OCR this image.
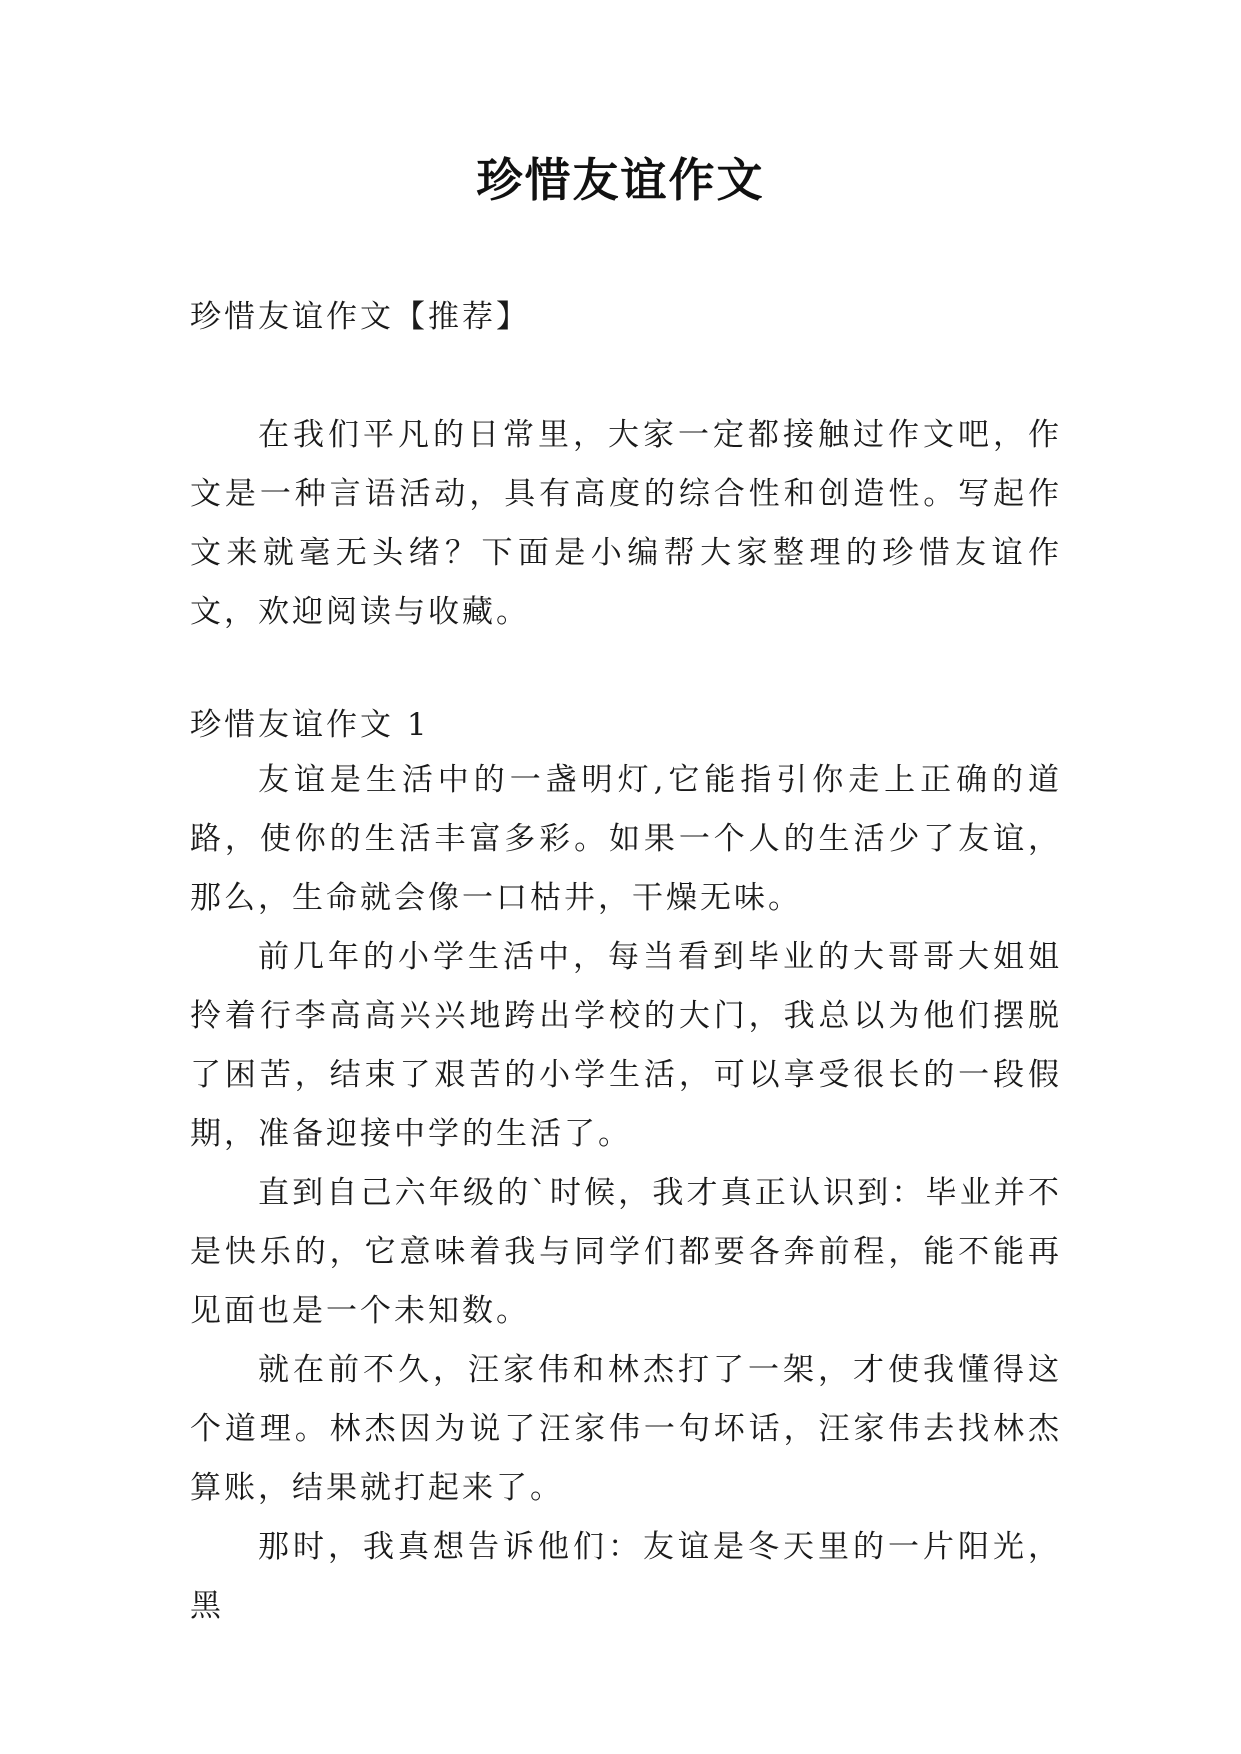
珍惜友谊作文
珍惜友谊作文【推荐】

在我们平凡的日常里，大家一定都接触过作文吧，作文是一种言语活动，具有高度的综合性和创造性。写起作文来就毫无头绪？下面是小编帮大家整理的珍惜友谊作文，欢迎阅读与收藏。

珍惜友谊作文 1

友谊是生活中的一盏明灯,它能指引你走上正确的道路，使你的生活丰富多彩。如果一个人的生活少了友谊，那么，生命就会像一口枯井，干燥无味。

前几年的小学生活中，每当看到毕业的大哥哥大姐姐拎着行李高高兴兴地跨出学校的大门，我总以为他们摆脱了困苦，结束了艰苦的小学生活，可以享受很长的一段假期，准备迎接中学的生活了。

直到自己六年级的`时候，我才真正认识到：毕业并不是快乐的，它意味着我与同学们都要各奔前程，能不能再见面也是一个未知数。

就在前不久，汪家伟和林杰打了一架，才使我懂得这个道理。林杰因为说了汪家伟一句坏话，汪家伟去找林杰算账，结果就打起来了。

那时，我真想告诉他们：友谊是冬天里的一片阳光，黑
